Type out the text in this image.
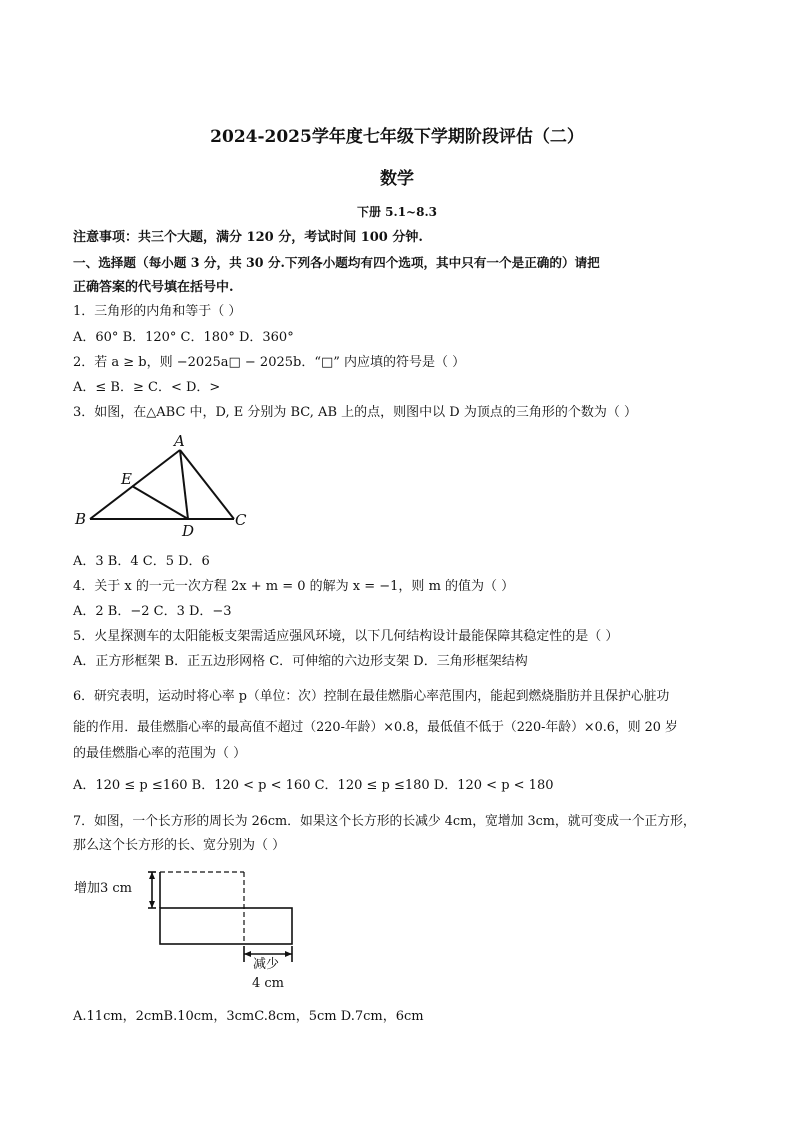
2024-2025学年度七年级下学期阶段评估（二）
数学
下册 5.1~8.3
注意事项：共三个大题，满分 120 分，考试时间 100 分钟.
一、选择题（每小题 3 分，共 30 分.下列各小题均有四个选项，其中只有一个是正确的）请把
正确答案的代号填在括号中.
1．三角形的内角和等于（ ）
A．60° B．120° C．180° D．360°
2．若 a ≥ b，则 −2025a□ − 2025b．“□” 内应填的符号是（ ）
A．≤ B．≥ C．< D．>
3．如图，在△ABC 中，D, E 分别为 BC, AB 上的点，则图中以 D 为顶点的三角形的个数为（ ）
A
E
B
D
C
A．3 B．4 C．5 D．6
4．关于 x 的一元一次方程 2x + m = 0 的解为 x = −1，则 m 的值为（ ）
A．2 B．−2 C．3 D．−3
5．火星探测车的太阳能板支架需适应强风环境，以下几何结构设计最能保障其稳定性的是（ ）
A．正方形框架 B．正五边形网格 C．可伸缩的六边形支架 D．三角形框架结构
6．研究表明，运动时将心率 p（单位：次）控制在最佳燃脂心率范围内，能起到燃烧脂肪并且保护心脏功
能的作用．最佳燃脂心率的最高值不超过（220-年龄）×0.8，最低值不低于（220-年龄）×0.6，则 20 岁
的最佳燃脂心率的范围为（ ）
A．120 ≤ p ≤160 B．120 < p < 160 C．120 ≤ p ≤180 D．120 < p < 180
7．如图，一个长方形的周长为 26cm．如果这个长方形的长减少 4cm，宽增加 3cm，就可变成一个正方形，
那么这个长方形的长、宽分别为（ ）
增加3 cm
减少
4 cm
A.11cm，2cmB.10cm，3cmC.8cm，5cm D.7cm，6cm
